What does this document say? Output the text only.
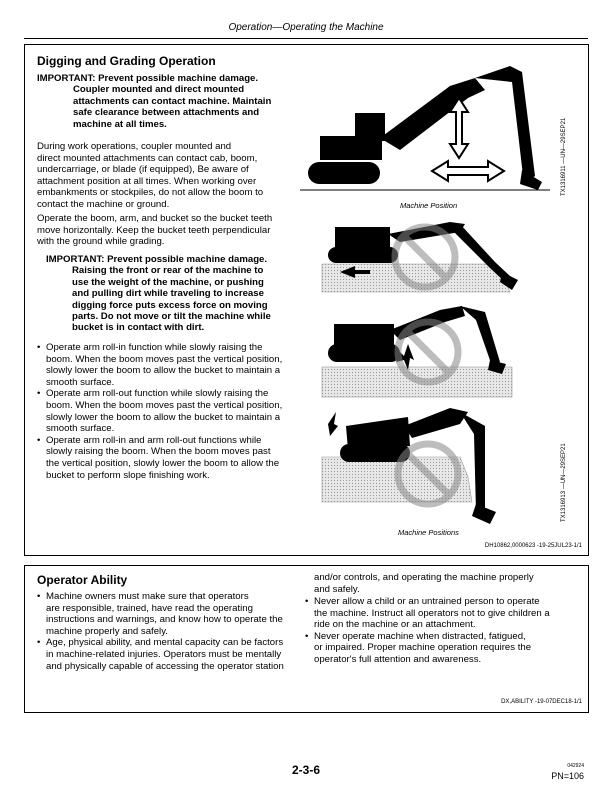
Operation—Operating the Machine
Digging and Grading Operation
IMPORTANT: Prevent possible machine damage.
Coupler mounted and direct mounted
attachments can contact machine. Maintain
safe clearance between attachments and
machine at all times.
During work operations, coupler mounted and
direct mounted attachments can contact cab, boom,
undercarriage, or blade (if equipped), Be aware of
attachment position at all times. When working over
embankments or stockpiles, do not allow the boom to
contact the machine or ground.
Operate the boom, arm, and bucket so the bucket teeth
move horizontally. Keep the bucket teeth perpendicular
with the ground while grading.
IMPORTANT: Prevent possible machine damage.
Raising the front or rear of the machine to
use the weight of the machine, or pushing
and pulling dirt while traveling to increase
digging force puts excess force on moving
parts. Do not move or tilt the machine while
bucket is in contact with dirt.
• Operate arm roll-in function while slowly raising the
boom. When the boom moves past the vertical position,
slowly lower the boom to allow the bucket to maintain a
smooth surface.
• Operate arm roll-out function while slowly raising the
boom. When the boom moves past the vertical position,
slowly lower the boom to allow the bucket to maintain a
smooth surface.
• Operate arm roll-in and arm roll-out functions while
slowly raising the boom. When the boom moves past
the vertical position, slowly lower the boom to allow the
bucket to perform slope finishing work.
TX1316911 —UN—29SEP21
Machine Position
TX1316913 —UN—29SEP21
Machine Positions
DH10862,0000623 -19-25JUL23-1/1
Operator Ability
• Machine owners must make sure that operators
are responsible, trained, have read the operating
instructions and warnings, and know how to operate the
machine properly and safely.
• Age, physical ability, and mental capacity can be factors
in machine-related injuries. Operators must be mentally
and physically capable of accessing the operator station
and/or controls, and operating the machine properly
and safely.
• Never allow a child or an untrained person to operate
the machine. Instruct all operators not to give children a
ride on the machine or an attachment.
• Never operate machine when distracted, fatigued,
or impaired. Proper machine operation requires the
operator's full attention and awareness.
DX,ABILITY -19-07DEC18-1/1
2-3-6	042924
PN=106
